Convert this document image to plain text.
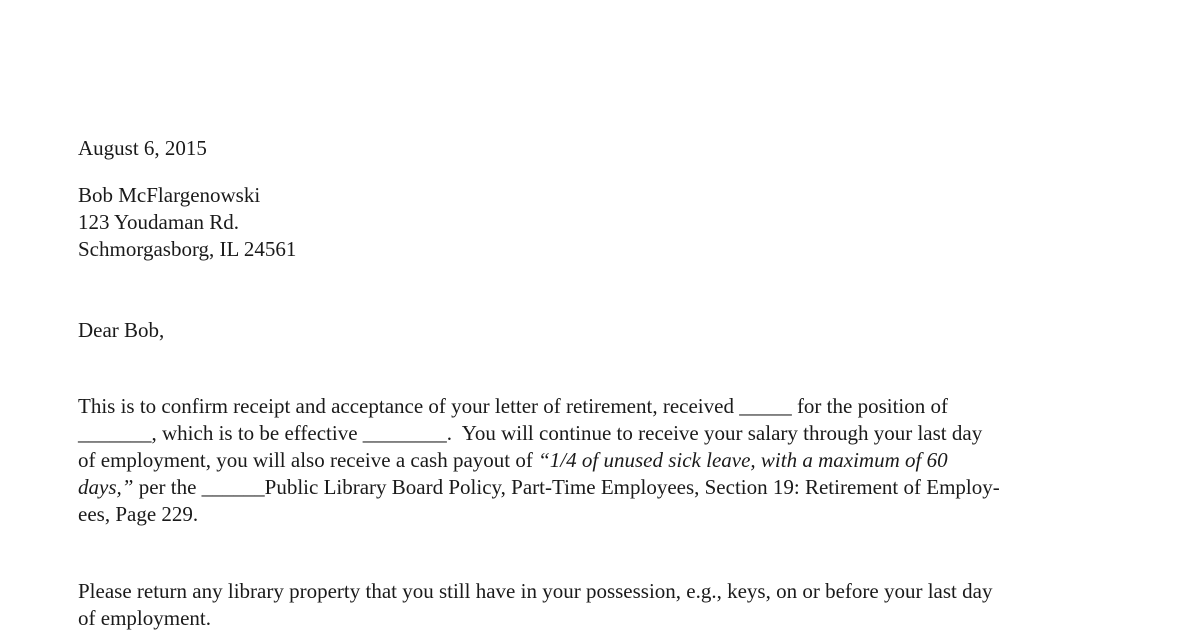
August 6, 2015
Bob McFlargenowski
123 Youdaman Rd.
Schmorgasborg, IL 24561
Dear Bob,
This is to confirm receipt and acceptance of your letter of retirement, received _____ for the position of
_______, which is to be effective ________.  You will continue to receive your salary through your last day
of employment, you will also receive a cash payout of “1/4 of unused sick leave, with a maximum of 60
days,” per the ______Public Library Board Policy, Part-Time Employees, Section 19: Retirement of Employ-
ees, Page 229.
Please return any library property that you still have in your possession, e.g., keys, on or before your last day
of employment.
